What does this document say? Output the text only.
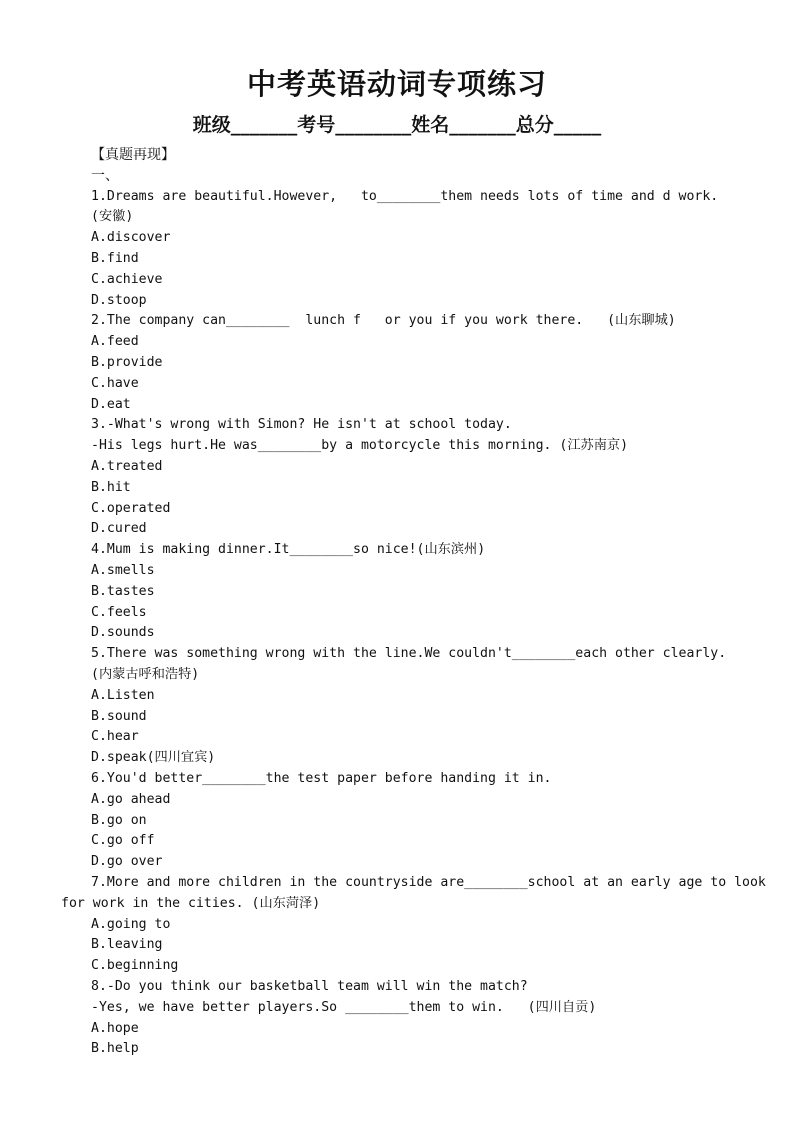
中考英语动词专项练习
班级_______考号________姓名_______总分_____
【真题再现】
一、
1.Dreams are beautiful.However,   to________them needs lots of time and d work.
(安徽)
A.discover
B.find
C.achieve
D.stoop
2.The company can________  lunch f   or you if you work there.   (山东聊城)
A.feed
B.provide
C.have
D.eat
3.-What's wrong with Simon? He isn't at school today.
-His legs hurt.He was________by a motorcycle this morning. (江苏南京)
A.treated
B.hit
C.operated
D.cured
4.Mum is making dinner.It________so nice!(山东滨州)
A.smells
B.tastes
C.feels
D.sounds
5.There was something wrong with the line.We couldn't________each other clearly.
(内蒙古呼和浩特)
A.Listen
B.sound
C.hear
D.speak(四川宜宾)
6.You'd better________the test paper before handing it in.
A.go ahead
B.go on
C.go off
D.go over
7.More and more children in the countryside are________school at an early age to look
for work in the cities. (山东菏泽)
A.going to
B.leaving
C.beginning
8.-Do you think our basketball team will win the match?
-Yes, we have better players.So ________them to win.   (四川自贡)
A.hope
B.help
